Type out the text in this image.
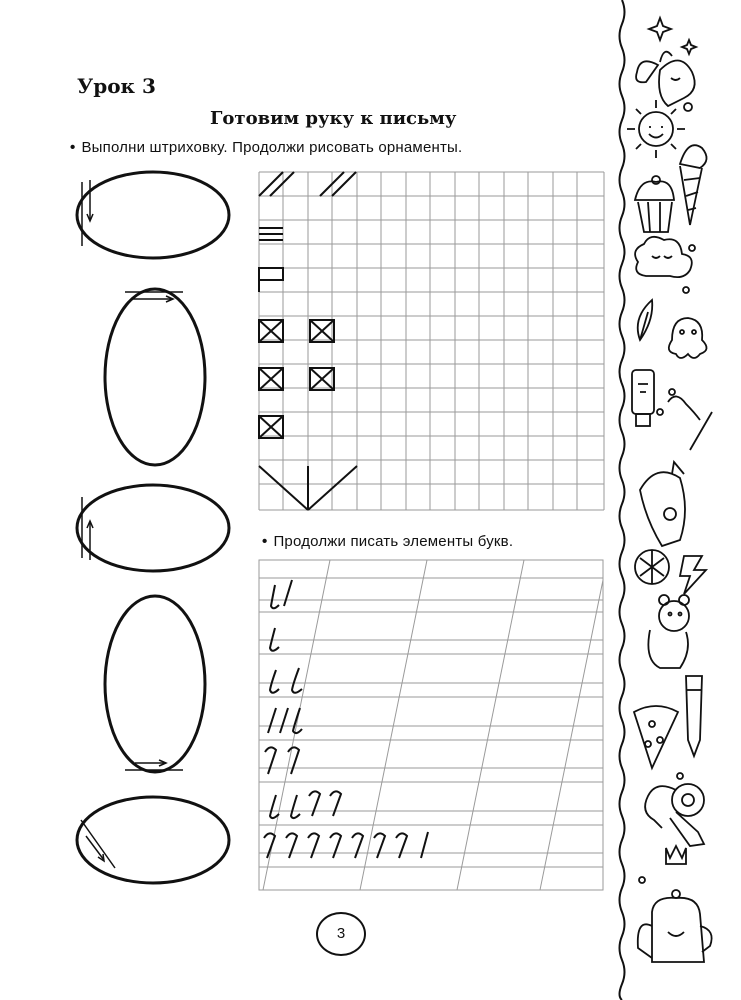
Урок 3
Готовим руку к письму
• Выполни штриховку. Продолжи рисовать орнаменты.
• Продолжи писать элементы букв.
3
